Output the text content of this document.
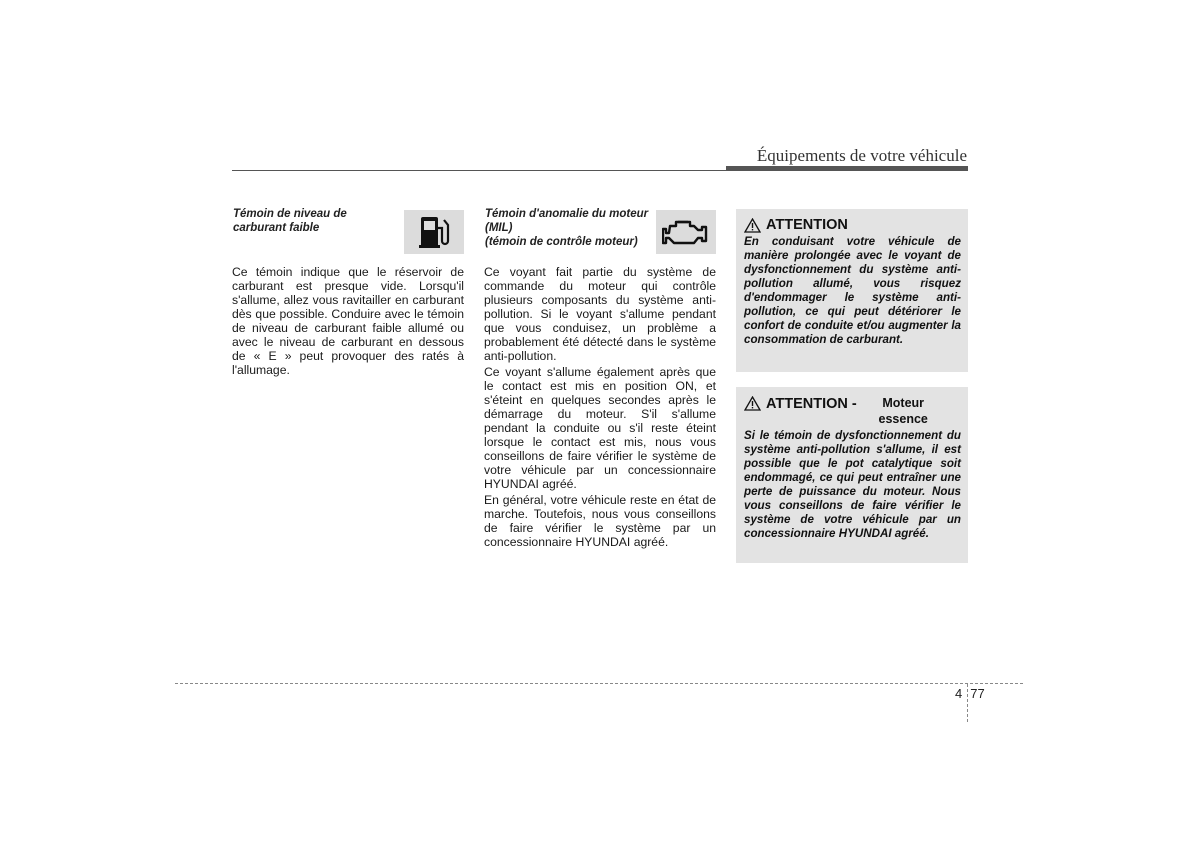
Équipements de votre véhicule
Témoin de niveau de carburant faible

Ce témoin indique que le réservoir de carburant est presque vide. Lorsqu'il s'allume, allez vous ravitailler en carburant dès que possible. Conduire avec le témoin de niveau de carburant faible allumé ou avec le niveau de carburant en dessous de « E » peut provoquer des ratés à l'allumage.

Témoin d'anomalie du moteur (MIL)
(témoin de contrôle moteur)

Ce voyant fait partie du système de commande du moteur qui contrôle plusieurs composants du système anti-pollution. Si le voyant s'allume pendant que vous conduisez, un problème a probablement été détecté dans le système anti-pollution.

Ce voyant s'allume également après que le contact est mis en position ON, et s'éteint en quelques secondes après le démarrage du moteur. S'il s'allume pendant la conduite ou s'il reste éteint lorsque le contact est mis, nous vous conseillons de faire vérifier le système de votre véhicule par un concessionnaire HYUNDAI agréé.

En général, votre véhicule reste en état de marche. Toutefois, nous vous conseillons de faire vérifier le système par un concessionnaire HYUNDAI agréé.

ATTENTION
En conduisant votre véhicule de manière prolongée avec le voyant de dysfonctionnement du système anti-pollution allumé, vous risquez d'endommager le système anti-pollution, ce qui peut détériorer le confort de conduite et/ou augmenter la consommation de carburant.
ATTENTION - Moteur essence
Si le témoin de dysfonctionnement du système anti-pollution s'allume, il est possible que le pot catalytique soit endommagé, ce qui peut entraîner une perte de puissance du moteur. Nous vous conseillons de faire vérifier le système de votre véhicule par un concessionnaire HYUNDAI agréé.
4 77
